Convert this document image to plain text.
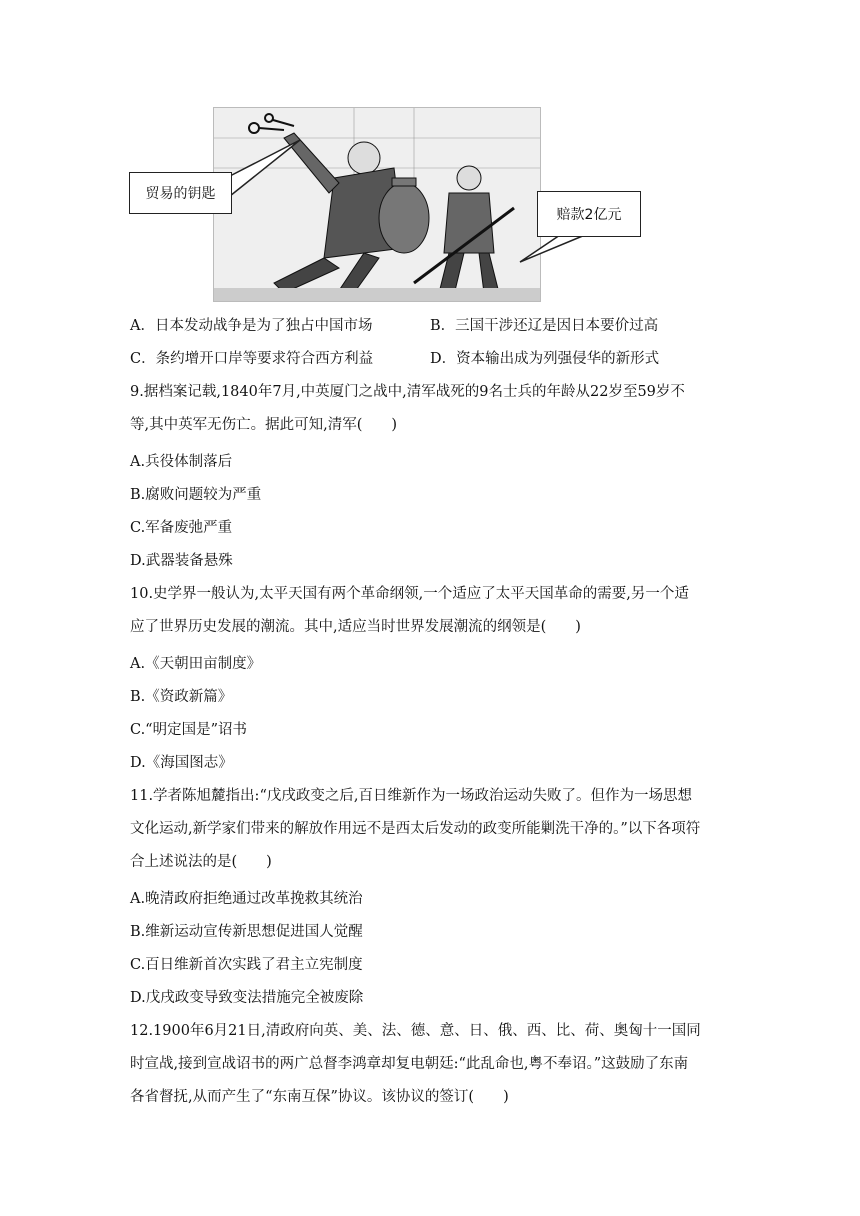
贸易的钥匙
赔款2亿元
A．日本发动战争是为了独占中国市场	B．三国干涉还辽是因日本要价过高
C．条约增开口岸等要求符合西方利益	D．资本输出成为列强侵华的新形式
9.据档案记载,1840年7月,中英厦门之战中,清军战死的9名士兵的年龄从22岁至59岁不
等,其中英军无伤亡。据此可知,清军(　　)
A.兵役体制落后
B.腐败问题较为严重
C.军备废弛严重
D.武器装备悬殊
10.史学界一般认为,太平天国有两个革命纲领,一个适应了太平天国革命的需要,另一个适
应了世界历史发展的潮流。其中,适应当时世界发展潮流的纲领是(　　)
A.《天朝田亩制度》
B.《资政新篇》
C.“明定国是”诏书
D.《海国图志》
11.学者陈旭麓指出:“戊戌政变之后,百日维新作为一场政治运动失败了。但作为一场思想
文化运动,新学家们带来的解放作用远不是西太后发动的政变所能剿洗干净的。”以下各项符
合上述说法的是(　　)
A.晚清政府拒绝通过改革挽救其统治
B.维新运动宣传新思想促进国人觉醒
C.百日维新首次实践了君主立宪制度
D.戊戌政变导致变法措施完全被废除
12.1900年6月21日,清政府向英、美、法、德、意、日、俄、西、比、荷、奥匈十一国同
时宣战,接到宣战诏书的两广总督李鸿章却复电朝廷:“此乱命也,粤不奉诏。”这鼓励了东南
各省督抚,从而产生了“东南互保”协议。该协议的签订(　　)
